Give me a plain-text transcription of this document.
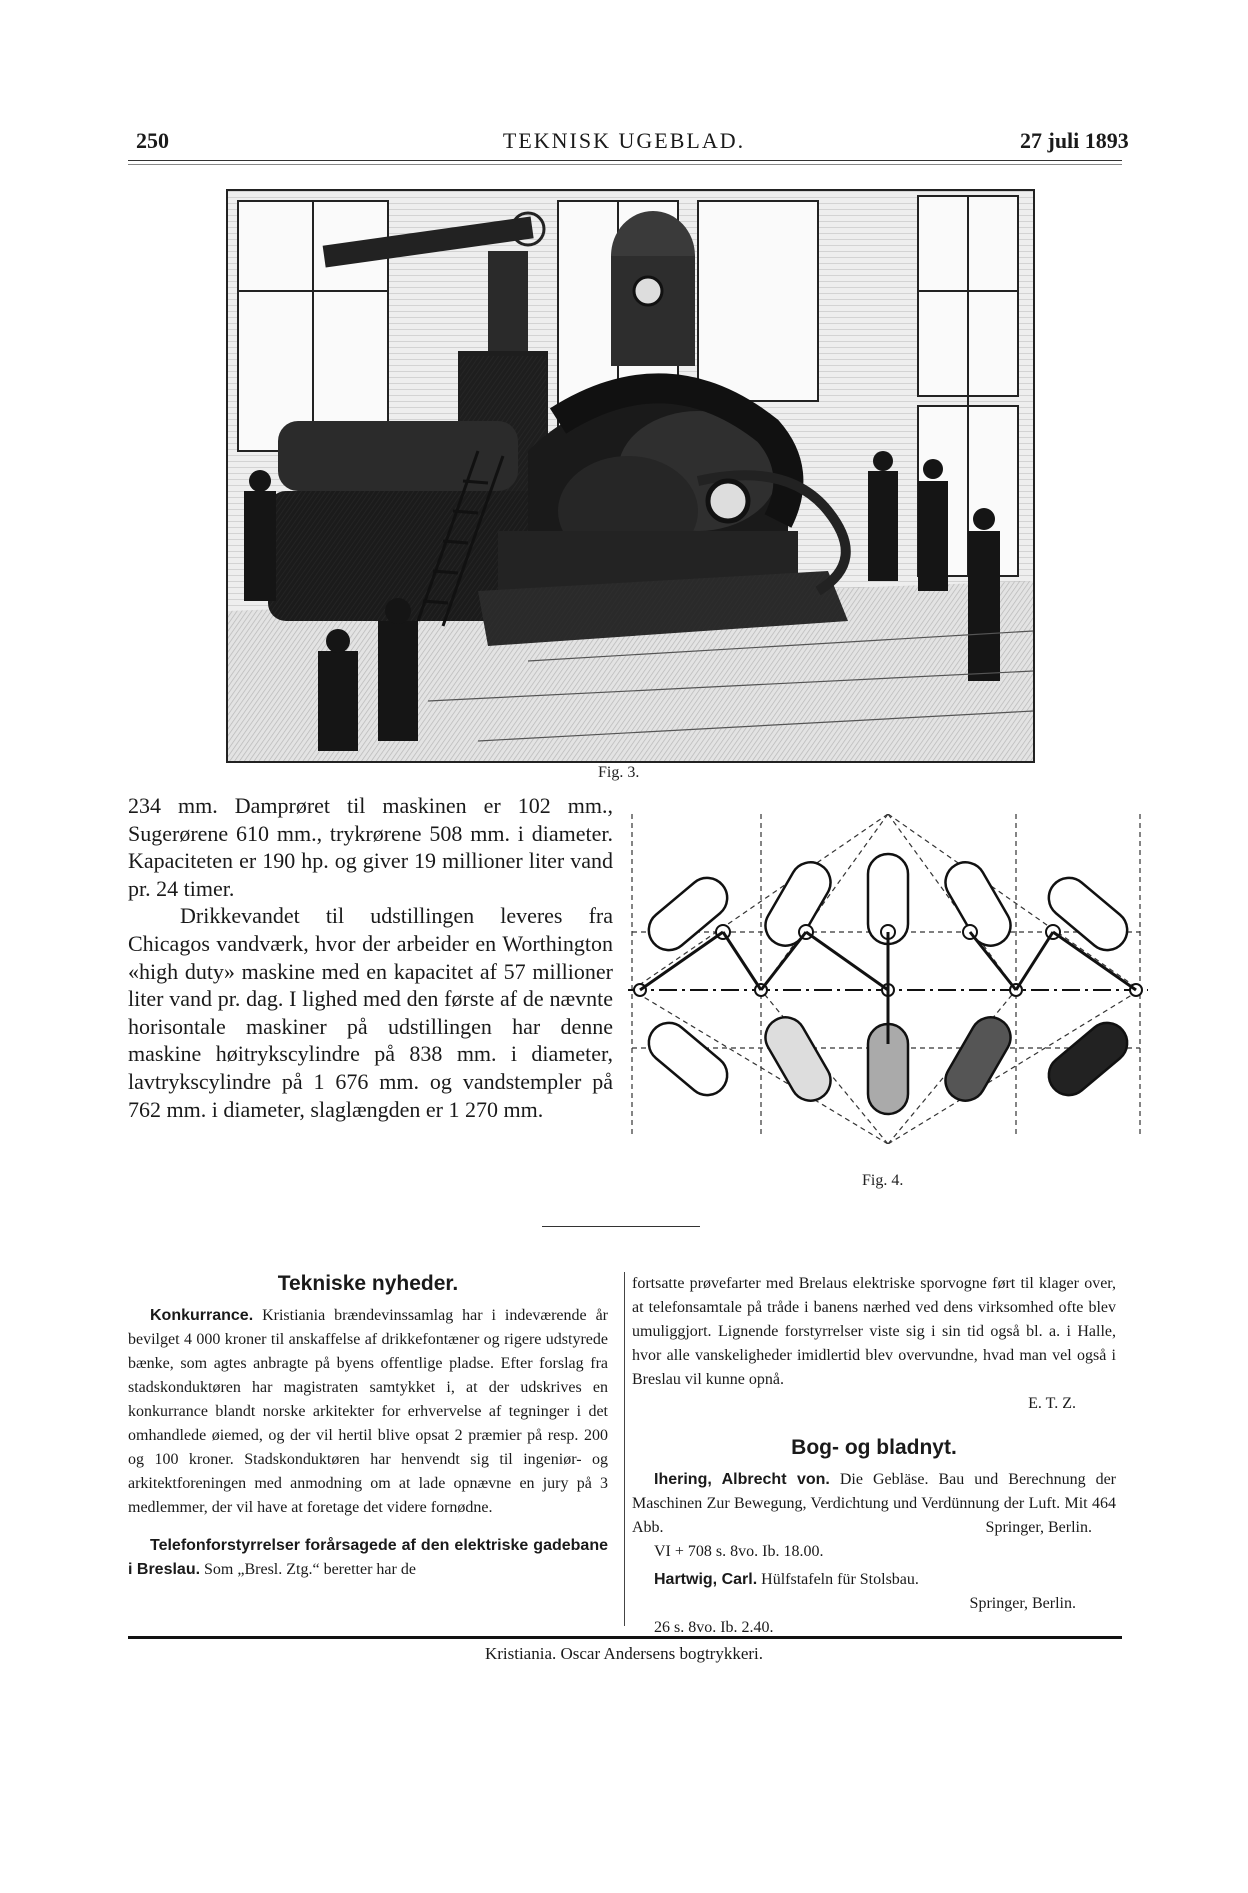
250	TEKNISK UGEBLAD.	27 juli 1893
Fig. 3.

234 mm. Damprøret til maskinen er 102 mm., Sugerørene 610 mm., trykrørene 508 mm. i diameter. Kapaciteten er 190 hp. og giver 19 millioner liter vand pr. 24 timer.

Drikkevandet til udstillingen leveres fra Chicagos vandværk, hvor der arbeider en Worthington «high duty» maskine med en kapacitet af 57 millioner liter vand pr. dag. I lighed med den første af de nævnte horisontale maskiner på udstillingen har denne maskine høitrykscylindre på 838 mm. i diameter, lavtrykscylindre på 1 676 mm. og vandstempler på 762 mm. i diameter, slaglængden er 1 270 mm.

Fig. 4.
Tekniske nyheder.

Konkurrance. Kristiania brændevinssamlag har i indeværende år bevilget 4 000 kroner til anskaffelse af drikkefontæner og rigere udstyrede bænke, som agtes anbragte på byens offentlige pladse. Efter forslag fra stadskonduktøren har magistraten samtykket i, at der udskrives en konkurrance blandt norske arkitekter for erhvervelse af tegninger i det omhandlede øiemed, og der vil hertil blive opsat 2 præmier på resp. 200 og 100 kroner. Stadskonduktøren har henvendt sig til ingeniør- og arkitektforeningen med anmodning om at lade opnævne en jury på 3 medlemmer, der vil have at foretage det videre fornødne.

Telefonforstyrrelser forårsagede af den elektriske gadebane i Breslau. Som „Bresl. Ztg.“ beretter har de

fortsatte prøvefarter med Brelaus elektriske sporvogne ført til klager over, at telefonsamtale på tråde i banens nærhed ved dens virksomhed ofte blev umuliggjort. Lignende forstyrrelser viste sig i sin tid også bl. a. i Halle, hvor alle vanskeligheder imidlertid blev overvundne, hvad man vel også i Breslau vil kunne opnå.

E. T. Z.

Bog- og bladnyt.

Ihering, Albrecht von. Die Gebläse. Bau und Berechnung der Maschinen Zur Bewegung, Verdichtung und Verdünnung der Luft. Mit 464 Abb.	Springer, Berlin.

VI + 708 s. 8vo. Ib. 18.00.

Hartwig, Carl. Hülfstafeln für Stolsbau.

Springer, Berlin.

26 s. 8vo. Ib. 2.40.

Kristiania. Oscar Andersens bogtrykkeri.
